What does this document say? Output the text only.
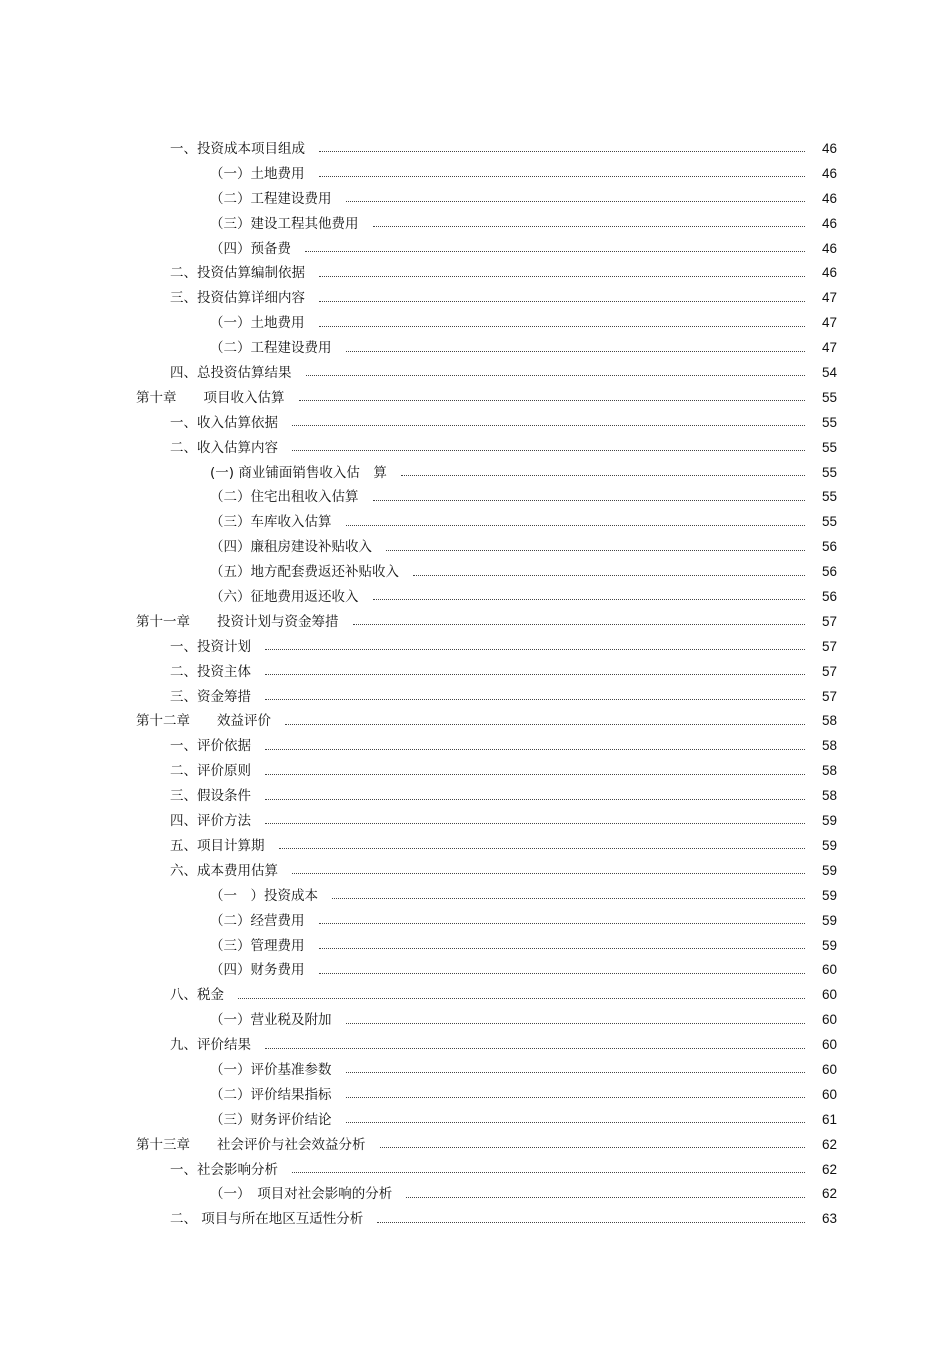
一、投资成本项目组成	46
（一）土地费用	46
（二）工程建设费用	46
（三）建设工程其他费用	46
（四）预备费	46
二、投资估算编制依据	46
三、投资估算详细内容	47
（一）土地费用	47
（二）工程建设费用	47
四、总投资估算结果	54
第十章　　项目收入估算	55
一、收入估算依据	55
二、收入估算内容	55
(一) 商业铺面销售收入估　算	55
（二）住宅出租收入估算	55
（三）车库收入估算	55
（四）廉租房建设补贴收入	56
（五）地方配套费返还补贴收入	56
（六）征地费用返还收入	56
第十一章　　投资计划与资金筹措	57
一、投资计划	57
二、投资主体	57
三、资金筹措	57
第十二章　　效益评价	58
一、评价依据	58
二、评价原则	58
三、假设条件	58
四、评价方法	59
五、项目计算期	59
六、成本费用估算	59
（一　）投资成本	59
（二）经营费用	59
（三）管理费用	59
（四）财务费用	60
八、税金	60
（一）营业税及附加	60
九、评价结果	60
（一）评价基准参数	60
（二）评价结果指标	60
（三）财务评价结论	61
第十三章　　社会评价与社会效益分析	62
一、社会影响分析	62
（一）　项目对社会影响的分析	62
二、 项目与所在地区互适性分析	63
